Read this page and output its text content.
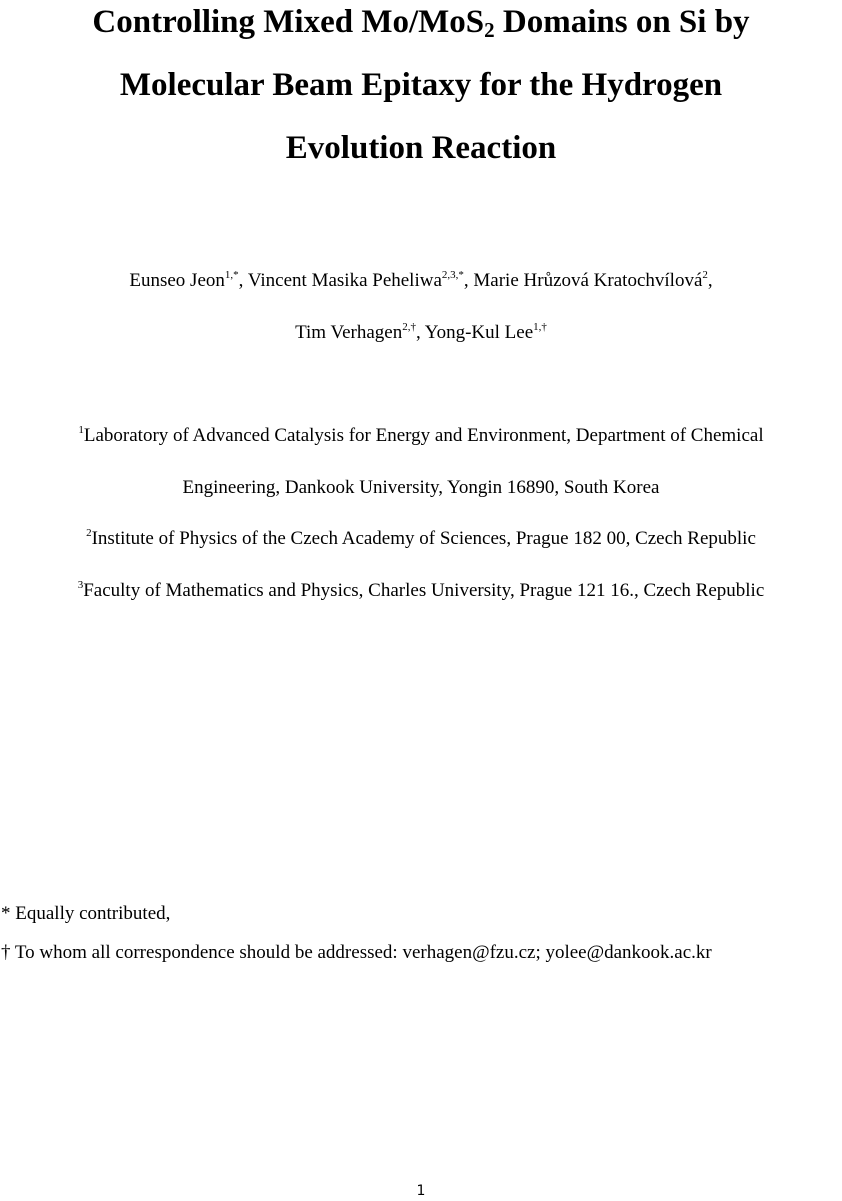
Controlling Mixed Mo/MoS$_2$ Domains on Si by
Molecular Beam Epitaxy for the Hydrogen
Evolution Reaction
Eunseo Jeon$^{1,*}$, Vincent Masika Peheliwa$^{2,3,*}$, Marie Hrůzová Kratochvílová$^2$,
Tim Verhagen$^{2,\dagger}$, Yong-Kul Lee$^{1,\dagger}$
$^1$Laboratory of Advanced Catalysis for Energy and Environment, Department of Chemical
Engineering, Dankook University, Yongin 16890, South Korea
$^2$Institute of Physics of the Czech Academy of Sciences, Prague 182 00, Czech Republic
$^3$Faculty of Mathematics and Physics, Charles University, Prague 121 16., Czech Republic
* Equally contributed,
† To whom all correspondence should be addressed: verhagen@fzu.cz; yolee@dankook.ac.kr
1
